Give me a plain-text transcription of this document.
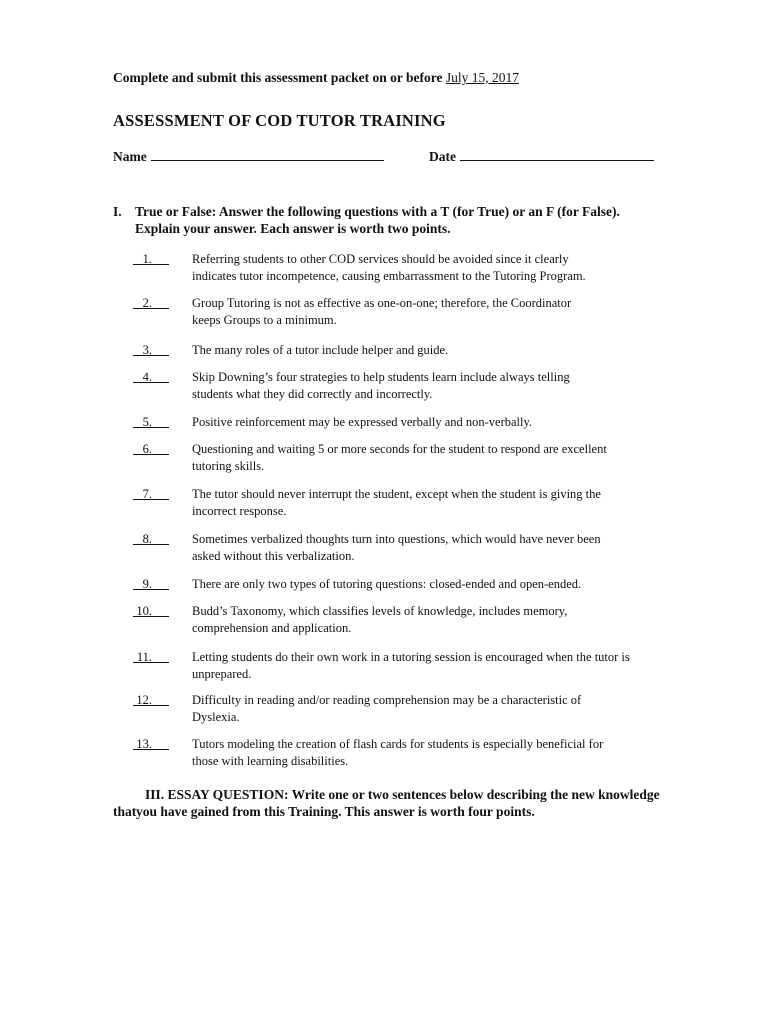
Complete and submit this assessment packet on or before July 15, 2017
ASSESSMENT OF COD TUTOR TRAINING
Name	Date
I. True or False: Answer the following questions with a T (for True) or an F (for False).
Explain your answer. Each answer is worth two points.
1.	Referring students to other COD services should be avoided since it clearly
indicates tutor incompetence, causing embarrassment to the Tutoring Program.
2.	Group Tutoring is not as effective as one-on-one; therefore, the Coordinator
keeps Groups to a minimum.
3.	The many roles of a tutor include helper and guide.
4.	Skip Downing’s four strategies to help students learn include always telling
students what they did correctly and incorrectly.
5.	Positive reinforcement may be expressed verbally and non-verbally.
6.	Questioning and waiting 5 or more seconds for the student to respond are excellent
tutoring skills.
7.	The tutor should never interrupt the student, except when the student is giving the
incorrect response.
8.	Sometimes verbalized thoughts turn into questions, which would have never been
asked without this verbalization.
9.	There are only two types of tutoring questions: closed-ended and open-ended.
10.	Budd’s Taxonomy, which classifies levels of knowledge, includes memory,
comprehension and application.
11.	Letting students do their own work in a tutoring session is encouraged when the tutor is
unprepared.
12.	Difficulty in reading and/or reading comprehension may be a characteristic of
Dyslexia.
13.	Tutors modeling the creation of flash cards for students is especially beneficial for
those with learning disabilities.
III. ESSAY QUESTION: Write one or two sentences below describing the new knowledge that you have gained from this Training. This answer is worth four points.
